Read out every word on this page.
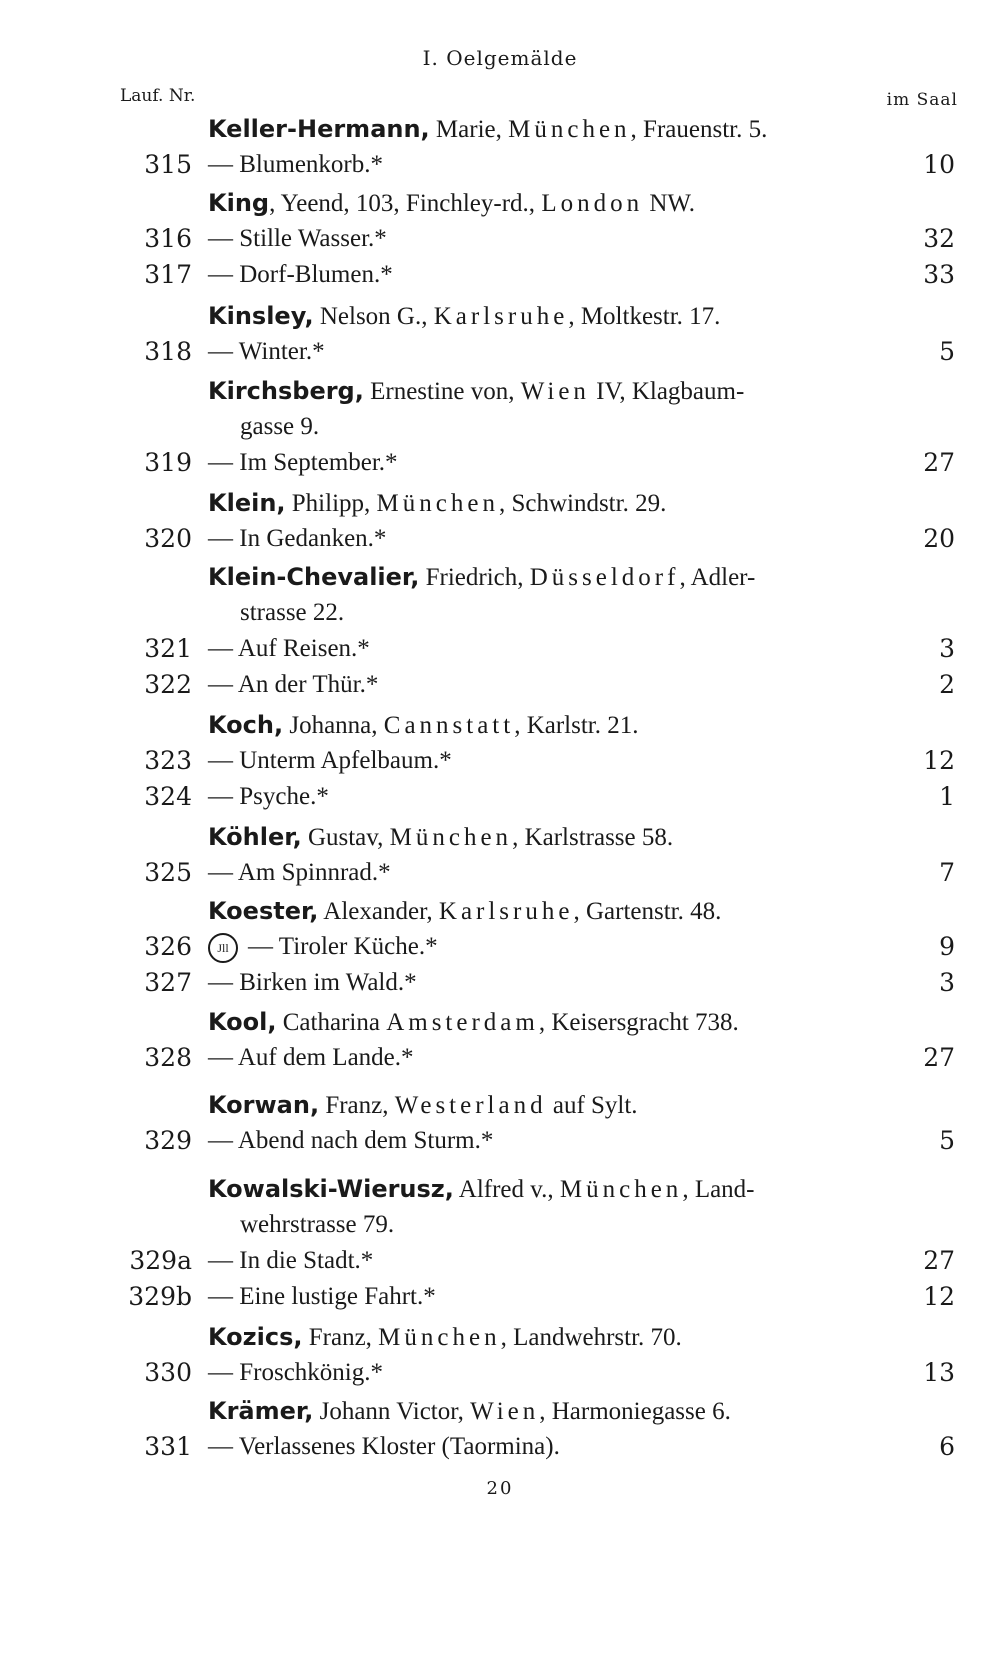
I. Oelgemälde
Lauf. Nr.	im Saal
Keller-Hermann, Marie, München, Frauenstr. 5.
315 — Blumenkorb.*	10
King, Yeend, 103, Finchley-rd., London NW.
316 — Stille Wasser.*	32
317 — Dorf-Blumen.*	33
Kinsley, Nelson G., Karlsruhe, Moltkestr. 17.
318 — Winter.*	5
Kirchsberg, Ernestine von, Wien IV, Klagbaum-
gasse 9.
319 — Im September.*	27
Klein, Philipp, München, Schwindstr. 29.
320 — In Gedanken.*	20
Klein-Chevalier, Friedrich, Düsseldorf, Adler-
strasse 22.
321 — Auf Reisen.*	3
322 — An der Thür.*	2
Koch, Johanna, Cannstatt, Karlstr. 21.
323 — Unterm Apfelbaum.*	12
324 — Psyche.*	1
Köhler, Gustav, München, Karlstrasse 58.
325 — Am Spinnrad.*	7
Koester, Alexander, Karlsruhe, Gartenstr. 48.
326	Jll — Tiroler Küche.*	9
327 — Birken im Wald.*	3
Kool, Catharina Amsterdam, Keisersgracht 738.
328 — Auf dem Lande.*	27
Korwan, Franz, Westerland auf Sylt.
329 — Abend nach dem Sturm.*	5
Kowalski-Wierusz, Alfred v., München, Land-
wehrstrasse 79.
329a — In die Stadt.*	27
329b — Eine lustige Fahrt.*	12
Kozics, Franz, München, Landwehrstr. 70.
330 — Froschkönig.*	13
Krämer, Johann Victor, Wien, Harmoniegasse 6.
331 — Verlassenes Kloster (Taormina).	6
20
